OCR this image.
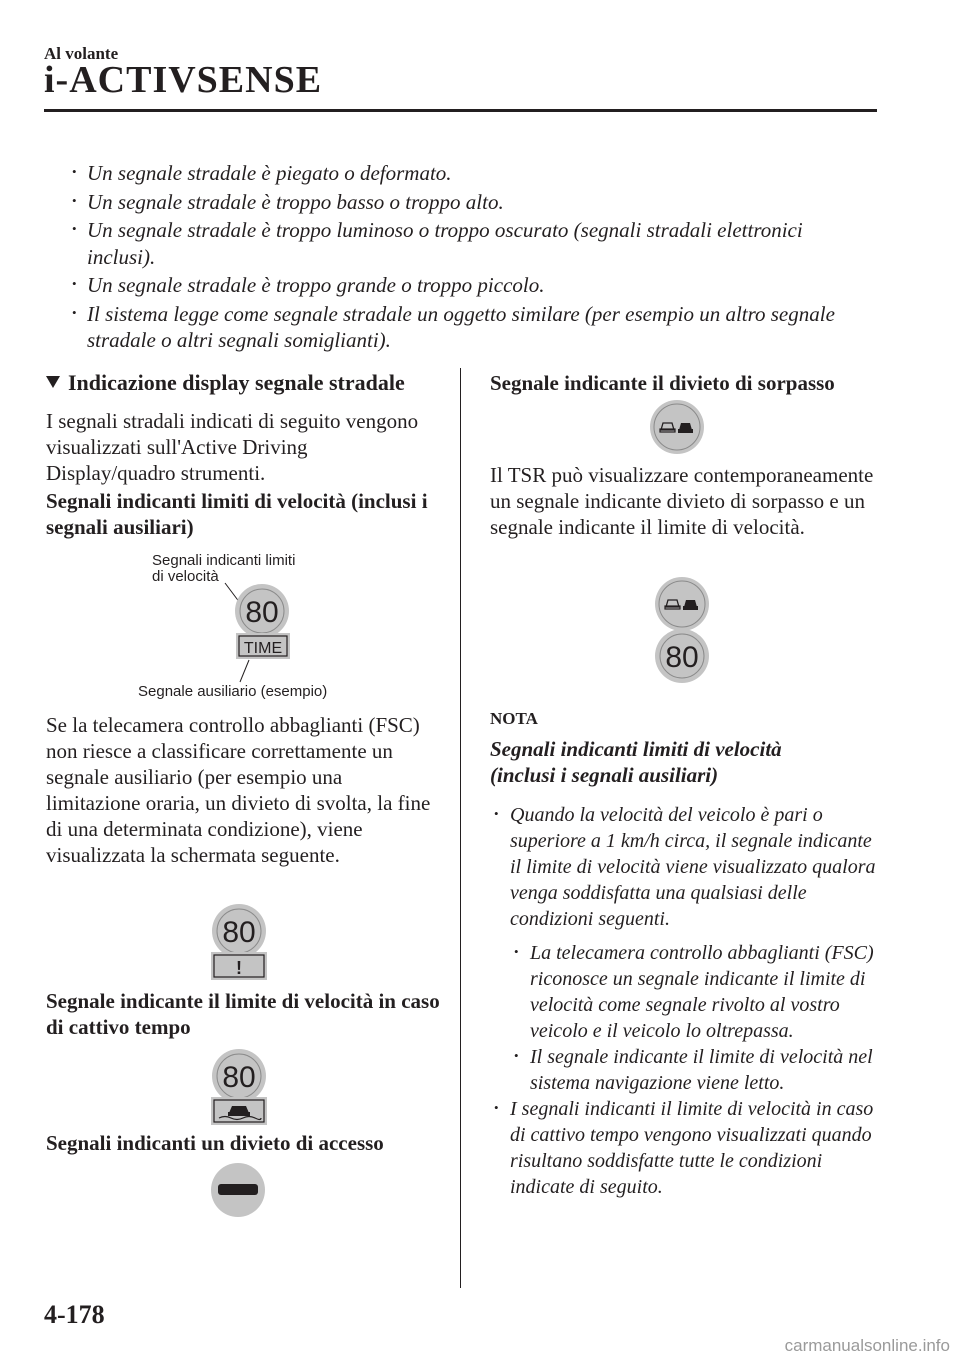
Al volante
i-ACTIVSENSE

• Un segnale stradale è piegato o deformato.

• Un segnale stradale è troppo basso o troppo alto.

• Un segnale stradale è troppo luminoso o troppo oscurato (segnali stradali elettronici inclusi).

• Un segnale stradale è troppo grande o troppo piccolo.

• Il sistema legge come segnale stradale un oggetto similare (per esempio un altro segnale stradale o altri segnali somiglianti).

Indicazione display segnale stradale

I segnali stradali indicati di seguito vengono visualizzati sull'Active Driving Display/quadro strumenti.

Segnali indicanti limiti di velocità (inclusi i segnali ausiliari)

Segnali indicanti limiti
di velocità
80
TIME
Segnale ausiliario (esempio)

Se la telecamera controllo abbaglianti (FSC) non riesce a classificare correttamente un segnale ausiliario (per esempio una limitazione oraria, un divieto di svolta, la fine di una determinata condizione), viene visualizzata la schermata seguente.

80
!

Segnale indicante il limite di velocità in caso di cattivo tempo

80

Segnali indicanti un divieto di accesso

Segnale indicante il divieto di sorpasso

Il TSR può visualizzare contemporaneamente un segnale indicante divieto di sorpasso e un segnale indicante il limite di velocità.

80

NOTA

Segnali indicanti limiti di velocità (inclusi i segnali ausiliari)

• Quando la velocità del veicolo è pari o superiore a 1 km/h circa, il segnale indicante il limite di velocità viene visualizzato qualora venga soddisfatta una qualsiasi delle condizioni seguenti.

• La telecamera controllo abbaglianti (FSC) riconosce un segnale indicante il limite di velocità come segnale rivolto al vostro veicolo e il veicolo lo oltrepassa.

• Il segnale indicante il limite di velocità nel sistema navigazione viene letto.

• I segnali indicanti il limite di velocità in caso di cattivo tempo vengono visualizzati quando risultano soddisfatte tutte le condizioni indicate di seguito.

4-178
carmanualsonline.info
